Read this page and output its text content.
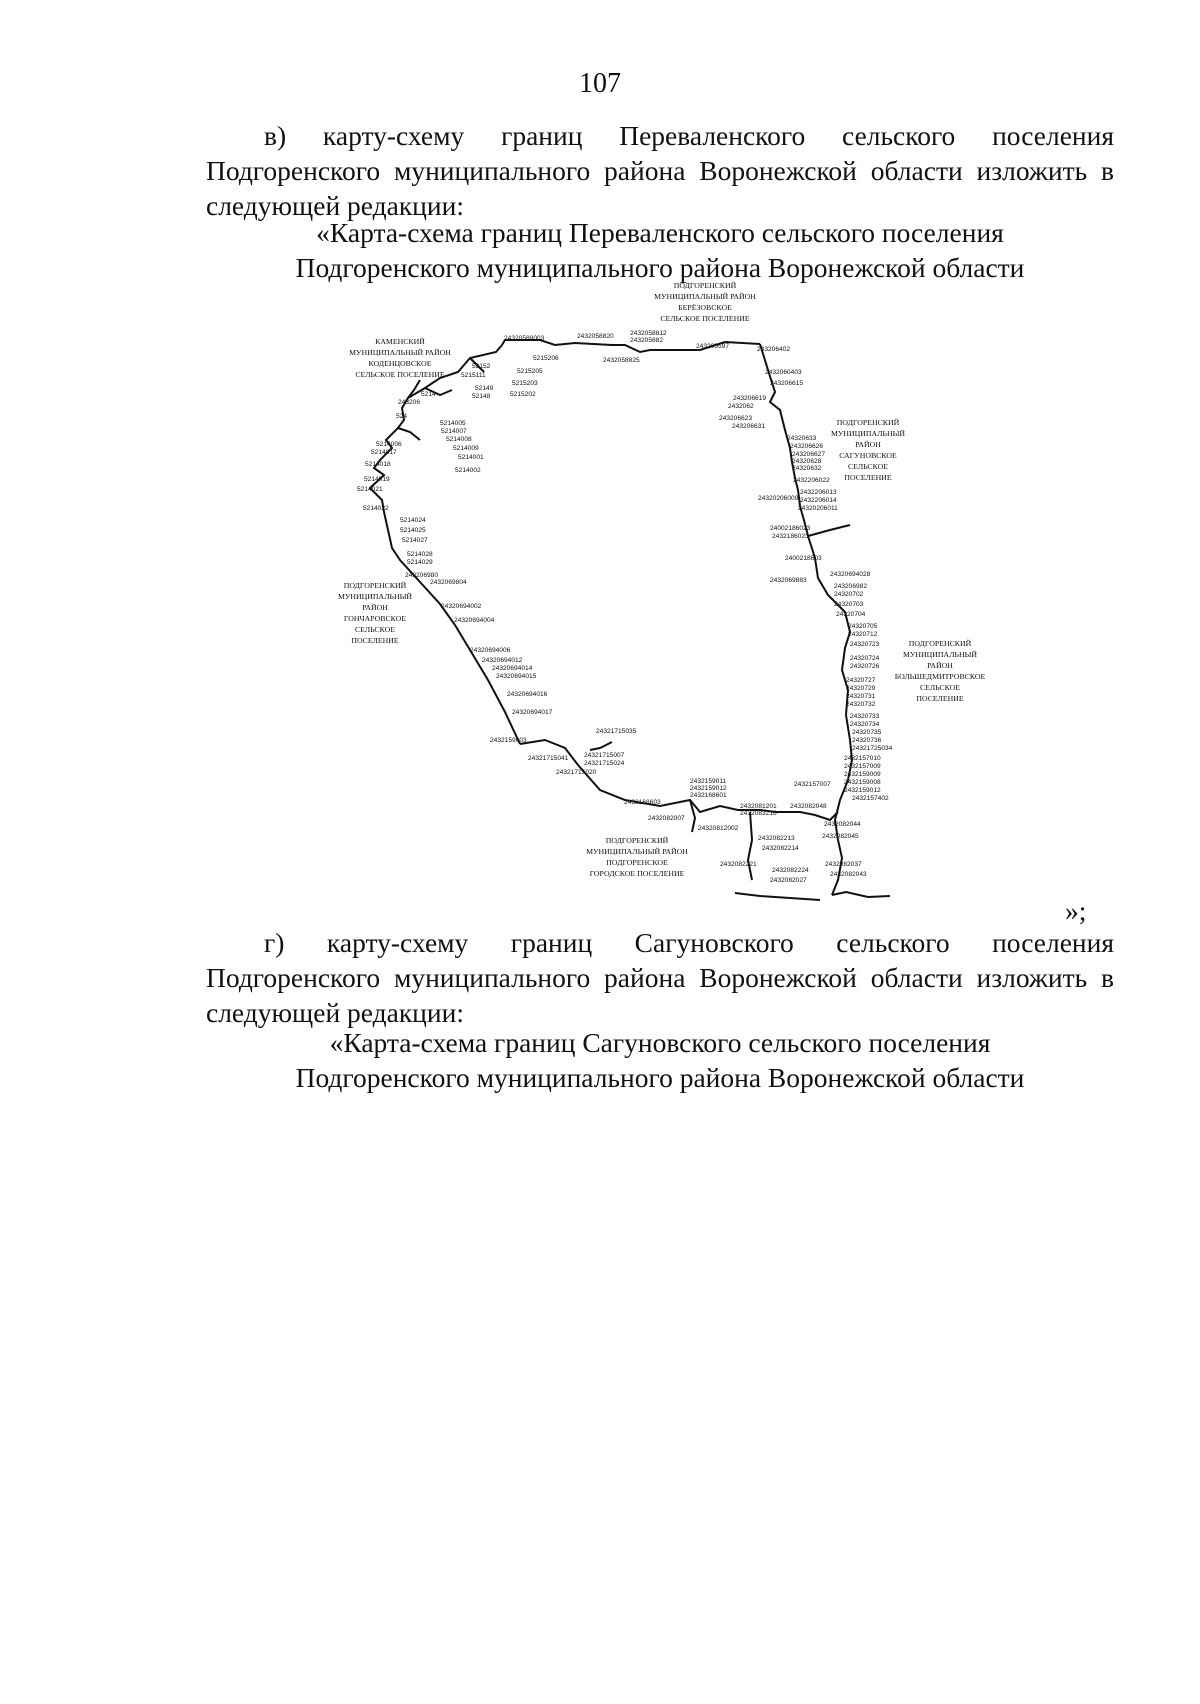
107

в) карту-схему границ Переваленского сельского поселения Подгоренского муниципального района Воронежской области изложить в следующей редакции:

«Карта-схема границ Переваленского сельского поселения

Подгоренского муниципального района Воронежской области

ПОДГОРЕНСКИЙ
МУНИЦИПАЛЬНЫЙ РАЙОН
БЕРЁЗОВСКОЕ
СЕЛЬСКОЕ ПОСЕЛЕНИЕ
КАМЕНСКИЙ
МУНИЦИПАЛЬНЫЙ РАЙОН
КОДЕНЦОВСКОЕ
СЕЛЬСКОЕ ПОСЕЛЕНИЕ
ПОДГОРЕНСКИЙ
МУНИЦИПАЛЬНЫЙ
РАЙОН
САГУНОВСКОЕ
СЕЛЬСКОЕ
ПОСЕЛЕНИЕ
ПОДГОРЕНСКИЙ
МУНИЦИПАЛЬНЫЙ
РАЙОН
ГОНЧАРОВСКОЕ
СЕЛЬСКОЕ
ПОСЕЛЕНИЕ	ПОДГОРЕНСКИЙ
МУНИЦИПАЛЬНЫЙ
РАЙОН
БОЛЬШЕДМИТРОВСКОЕ
СЕЛЬСКОЕ
ПОСЕЛЕНИЕ
ПОДГОРЕНСКИЙ
МУНИЦИПАЛЬНЫЙ РАЙОН
ПОДГОРЕНСКОЕ
ГОРОДСКОЕ ПОСЕЛЕНИЕ
24320588003	2432058820 2432058812
243205882
52152
5215111
5215206
5215205
5215203
5215202
52149
52148
5214
243206
524
5214005
5214007
5214008
5214009
5214001
5214002
5214006
5214017
5214018
5214019
5214021
5214022
5214024
5214025
5214027
5214028
5214029
2432058825
243205597	243206402
2432060403
243206615
243206619
2432062
243206623
243206631
24320633
243206626
243206627
24320628
24320632
2432206022
2432206013
2432206014
24320206011
24320206009
24002186023
2432186023
2400218603
2432069883
243206980
2432069804
24320694002
24320694004
24320694006
24320694012
24320694014
24320694015
24320694016
24320694017
24320694028
243206982
24320702
24320703
24320704
24320705
24320712
24320723
24320724
24320726
24320727
24320729
24320731
24320732
24320733
24320734
24320735
24320736
24321725034
24321715035
24321715007
24321715024
24321715041
24321715020
2432159003
2432159011
2432159012
2432168601
2432168603
2432082007
24320812002
2432081201
2432083216
2432082213
2432082214
2432082221
2432082224
2432082027
2432082037
2432082043
2432082044
2432082045
2432082048
2432157010
2432157009
2432157007
2432159009
2432159008
2432159012
2432157402
»;

г) карту-схему границ Сагуновского сельского поселения Подгоренского муниципального района Воронежской области изложить в следующей редакции:

«Карта-схема границ Сагуновского сельского поселения

Подгоренского муниципального района Воронежской области
